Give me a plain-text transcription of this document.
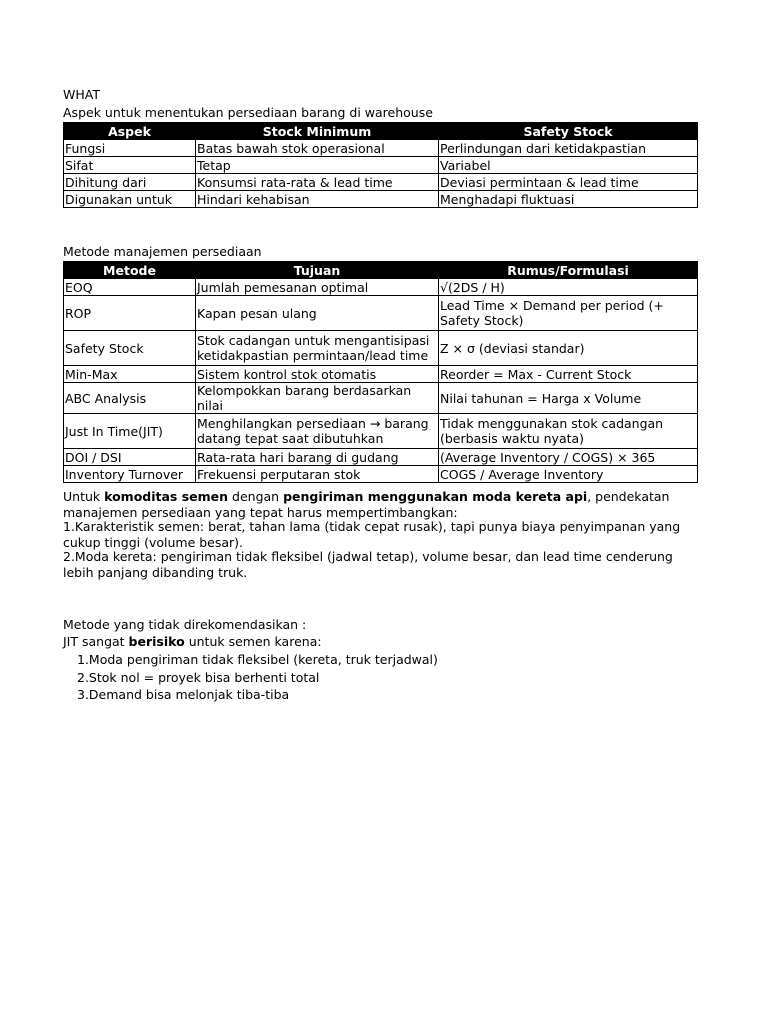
WHAT
Aspek untuk menentukan persediaan barang di warehouse
Aspek	Stock Minimum	Safety Stock
Fungsi	Batas bawah stok operasional	Perlindungan dari ketidakpastian
Sifat	Tetap	Variabel
Dihitung dari	Konsumsi rata-rata & lead time	Deviasi permintaan & lead time
Digunakan untuk	Hindari kehabisan	Menghadapi fluktuasi
Metode manajemen persediaan
Metode	Tujuan	Rumus/Formulasi
EOQ	Jumlah pemesanan optimal	√(2DS / H)
ROP	Kapan pesan ulang	Lead Time × Demand per period (+ Safety Stock)
Safety Stock	Stok cadangan untuk mengantisipasi ketidakpastian permintaan/lead time	Z × σ (deviasi standar)
Min-Max	Sistem kontrol stok otomatis	Reorder = Max - Current Stock
ABC Analysis	Kelompokkan barang berdasarkan nilai	Nilai tahunan = Harga x Volume
Just In Time(JIT)	Menghilangkan persediaan → barang datang tepat saat dibutuhkan	Tidak menggunakan stok cadangan (berbasis waktu nyata)
DOI / DSI	Rata-rata hari barang di gudang	(Average Inventory / COGS) × 365
Inventory Turnover	Frekuensi perputaran stok	COGS / Average Inventory
Untuk komoditas semen dengan pengiriman menggunakan moda kereta api, pendekatan manajemen persediaan yang tepat harus mempertimbangkan:
1.Karakteristik semen: berat, tahan lama (tidak cepat rusak), tapi punya biaya penyimpanan yang cukup tinggi (volume besar).
2.Moda kereta: pengiriman tidak fleksibel (jadwal tetap), volume besar, dan lead time cenderung lebih panjang dibanding truk.
Metode yang tidak direkomendasikan :
JIT sangat berisiko untuk semen karena:
1.Moda pengiriman tidak fleksibel (kereta, truk terjadwal)
2.Stok nol = proyek bisa berhenti total
3.Demand bisa melonjak tiba-tiba
